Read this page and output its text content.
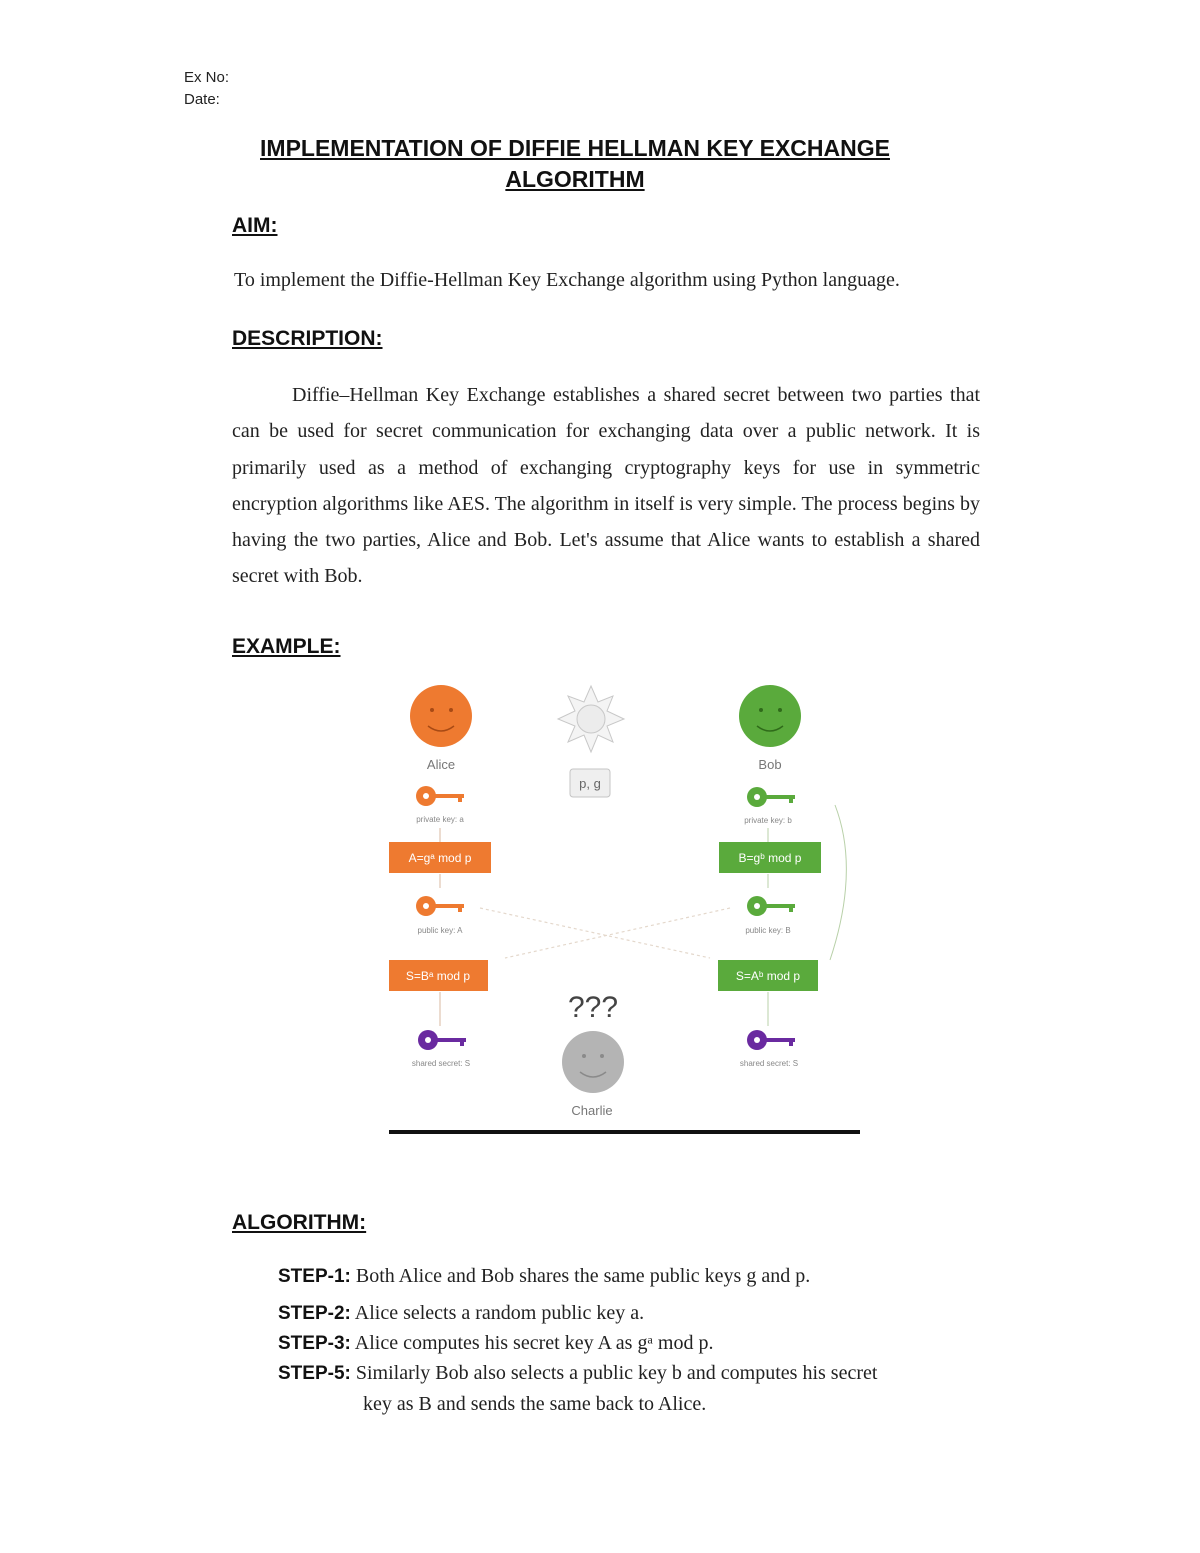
Ex No:
Date:
IMPLEMENTATION OF DIFFIE HELLMAN KEY EXCHANGE
ALGORITHM
AIM:
To implement the Diffie-Hellman Key Exchange algorithm using Python language.
DESCRIPTION:
Diffie–Hellman Key Exchange establishes a shared secret between two parties that can be used for secret communication for exchanging data over a public network. It is primarily used as a method of exchanging cryptography keys for use in symmetric encryption algorithms like AES. The algorithm in itself is very simple. The process begins by having the two parties, Alice and Bob. Let's assume that Alice wants to establish a shared secret with Bob.
EXAMPLE:
Alice
p, g
Bob
private key: a	private key: b
A=gᵃ mod p	B=gᵇ mod p
public key: A	public key: B
S=Bᵃ mod p	S=Aᵇ mod p
???
shared secret: S	shared secret: S
Charlie
ALGORITHM:
STEP-1: Both Alice and Bob shares the same public keys g and p.
STEP-2: Alice selects a random public key a.
STEP-3: Alice computes his secret key A as gᵃ mod p.
STEP-5: Similarly Bob also selects a public key b and computes his secret
key as B and sends the same back to Alice.
